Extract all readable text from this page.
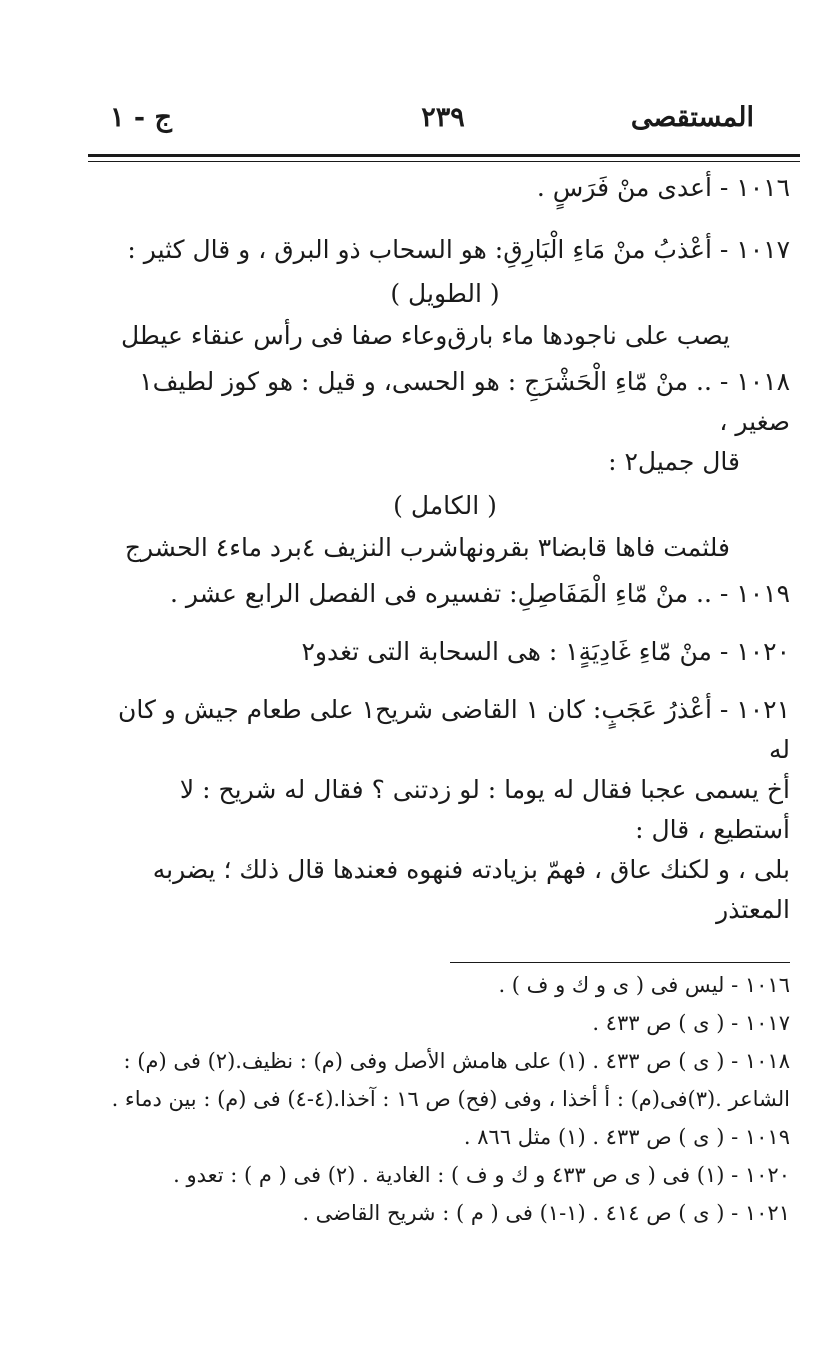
المستقصى
٢٣٩
ج - ١

١٠١٦ - أعدى منْ فَرَسٍ .

١٠١٧ - أعْذبُ منْ مَاءِ الْبَارِقِ: هو السحاب ذو البرق ، و قال كثير :

( الطويل )

يصب على ناجودها ماء بارق
وعاء صفا فى رأس عنقاء عيطل

١٠١٨ - .. منْ مّاءِ الْحَشْرَجِ : هو الحسى، و قيل : هو كوز لطيف١ صغير ،

قال جميل٢ :

( الكامل )

فلثمت فاها قابضا٣ بقرونها
شرب النزيف ٤برد ماء٤ الحشرج

١٠١٩ - .. منْ مّاءِ الْمَفَاصِلِ: تفسيره فى الفصل الرابع عشر .

١٠٢٠ - منْ مّاءِ غَادِيَةٍ١ : هى السحابة التى تغدو٢

١٠٢١ - أعْذرُ عَجَبٍ: كان ١ القاضى شريح١ على طعام جيش و كان له

أخ يسمى عجبا فقال له يوما : لو زدتنى ؟ فقال له شريح : لا أستطيع ، قال :

بلى ، و لكنك عاق ، فهمّ بزيادته فنهوه فعندها قال ذلك ؛ يضربه المعتذر

١٠١٦ - ليس فى ( ى و ك و ف ) .
١٠١٧ - ( ى ) ص ٤٣٣ .
١٠١٨ - ( ى ) ص ٤٣٣ . (١) على هامش الأصل وفى (م) : نظيف.(٢) فى (م) :
الشاعر .(٣)فى(م) : أ أخذا ، وفى (فح) ص ١٦ : آخذا.(٤-٤) فى (م) : بين دماء .
١٠١٩ - ( ى ) ص ٤٣٣ . (١) مثل ٨٦٦ .
١٠٢٠ - (١) فى ( ى ص ٤٣٣ و ك و ف ) : الغادية . (٢) فى ( م ) : تعدو .
١٠٢١ - ( ى ) ص ٤١٤ . (١-١) فى ( م ) : شريح القاضى .
